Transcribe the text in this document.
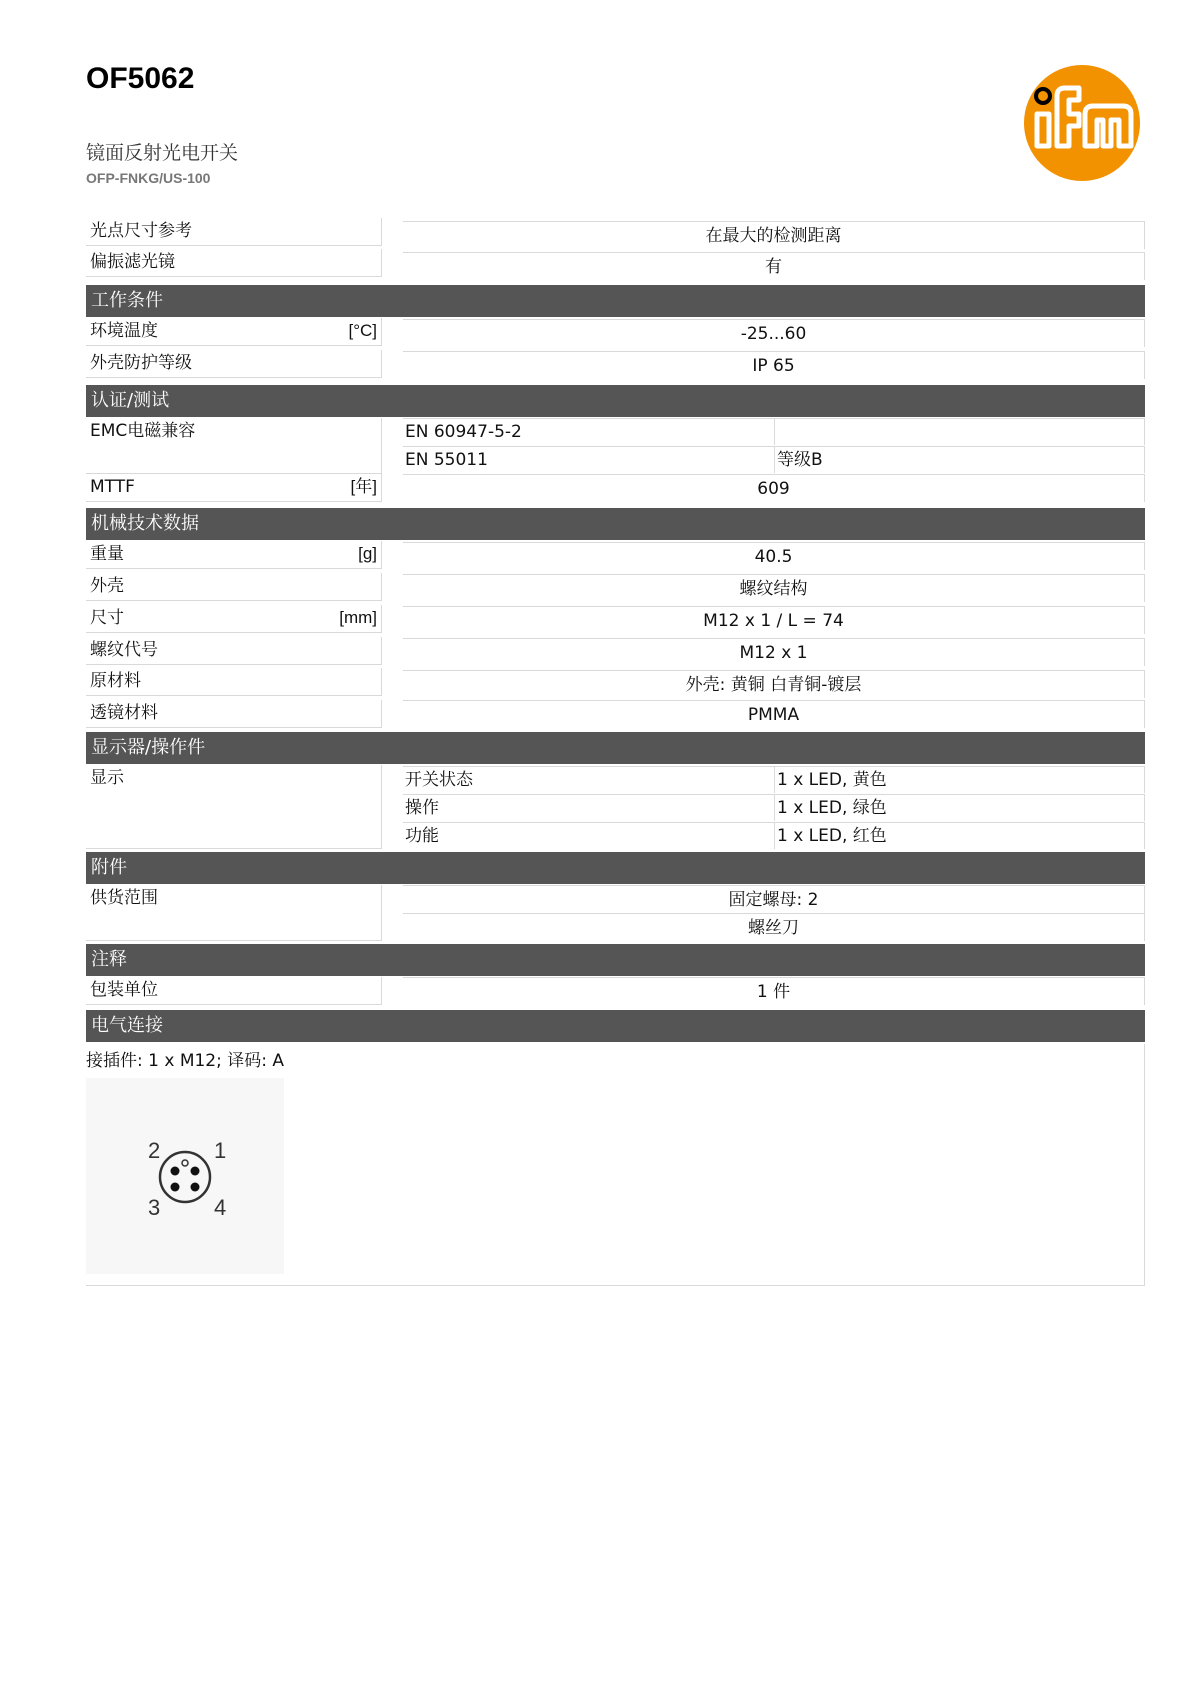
OF5062
镜面反射光电开关
OFP-FNKG/US-100
光点尺寸参考	在最大的检测距离
偏振滤光镜	有
工作条件
环境温度	[°C]	-25...60
外壳防护等级	IP 65
认证/测试
EMC电磁兼容	EN 60947-5-2
EN 55011	等级B
MTTF	[年]	609
机械技术数据
重量	[g]	40.5
外壳	螺纹结构
尺寸	[mm]	M12 x 1 / L = 74
螺纹代号	M12 x 1
原材料	外壳: 黄铜 白青铜-镀层
透镜材料	PMMA
显示器/操作件
显示	开关状态	1 x LED, 黄色
操作	1 x LED, 绿色
功能	1 x LED, 红色
附件
供货范围	固定螺母: 2
螺丝刀
注释
包装单位	1 件
电气连接
接插件: 1 x M12; 译码: A
1
2
3 4
